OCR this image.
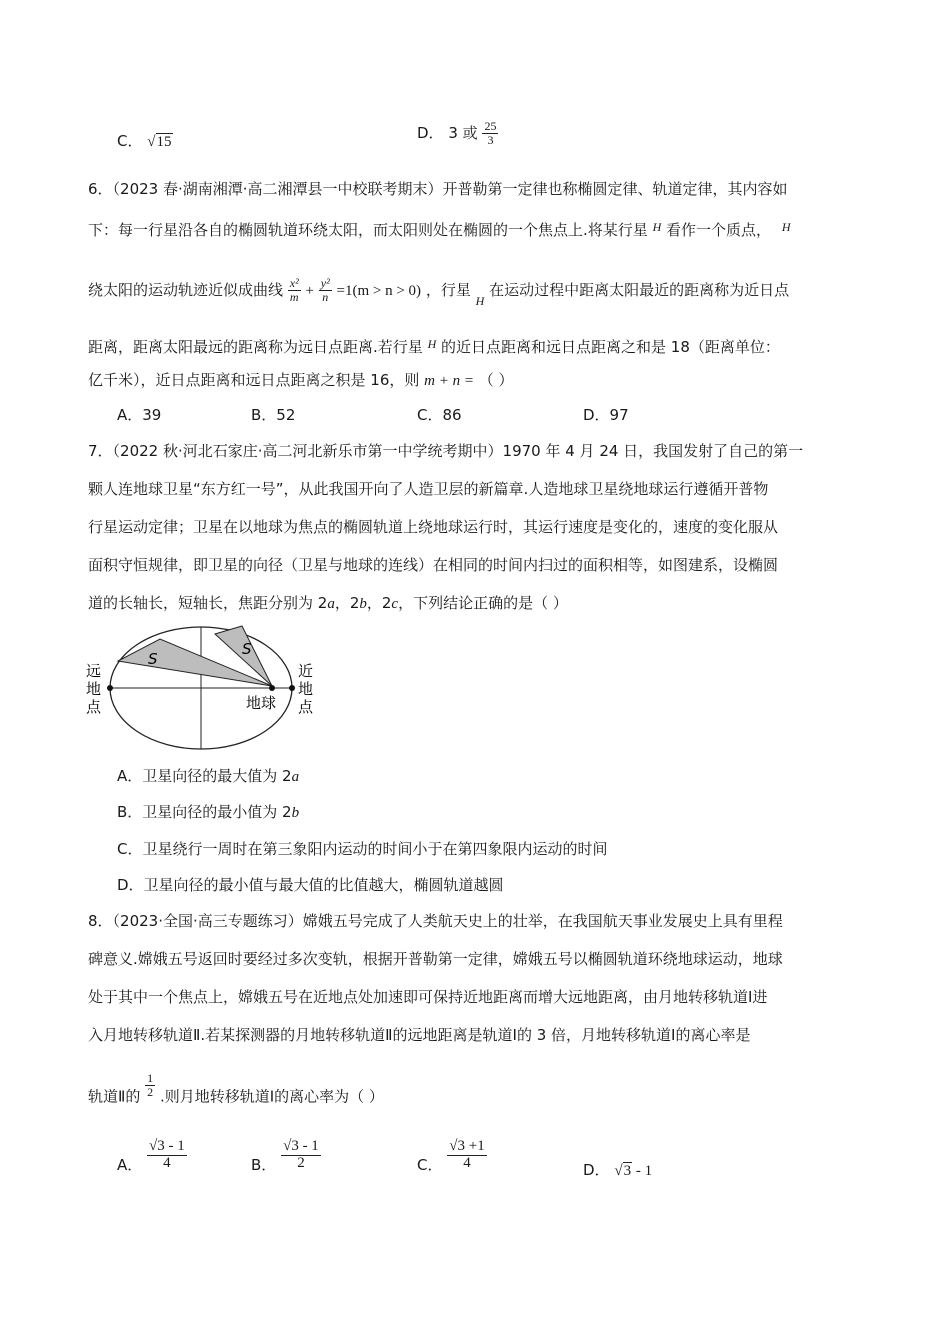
C． √15	D． 3 或 $\frac{25}{3}$
6．（2023 春·湖南湘潭·高二湘潭县一中校联考期末）开普勒第一定律也称椭圆定律、轨道定律，其内容如
下：每一行星沿各自的椭圆轨道环绕太阳，而太阳则处在椭圆的一个焦点上.将某行星 $^H$ 看作一个质点， $^H$
绕太阳的运动轨迹近似成曲线 $\frac{\text{x²}}{m} + \frac{\text{y²}}{n} =1(m > n > 0)$ ，行星 $_H$ 在运动过程中距离太阳最近的距离称为近日点
距离，距离太阳最远的距离称为远日点距离.若行星 $^H$ 的近日点距离和远日点距离之和是 18（距离单位：
亿千米），近日点距离和远日点距离之积是 16，则 m + n = （ ）
A．39	B．52	C．86	D．97
7．（2022 秋·河北石家庄·高二河北新乐市第一中学统考期中）1970 年 4 月 24 日，我国发射了自己的第一
颗人连地球卫星“东方红一号”，从此我国开向了人造卫层的新篇章.人造地球卫星绕地球运行遵循开普物
行星运动定律；卫星在以地球为焦点的椭圆轨道上绕地球运行时，其运行速度是变化的，速度的变化服从
面积守恒规律，即卫星的向径（卫星与地球的连线）在相同的时间内扫过的面积相等，如图建系，设椭圆
道的长轴长，短轴长，焦距分别为 2a，2b，2c，下列结论正确的是（ ）
S
S
远
地
点
近
地
点
地球
A．卫星向径的最大值为 2a
B．卫星向径的最小值为 2b
C．卫星绕行一周时在第三象阳内运动的时间小于在第四象限内运动的时间
D．卫星向径的最小值与最大值的比值越大，椭圆轨道越圆
8．（2023·全国·高三专题练习）嫦娥五号完成了人类航天史上的壮举，在我国航天事业发展史上具有里程
碑意义.嫦娥五号返回时要经过多次变轨，根据开普勒第一定律，嫦娥五号以椭圆轨道环绕地球运动，地球
处于其中一个焦点上，嫦娥五号在近地点处加速即可保持近地距离而增大远地距离，由月地转移轨道Ⅰ进
入月地转移轨道Ⅱ.若某探测器的月地转移轨道Ⅱ的远地距离是轨道Ⅰ的 3 倍，月地转移轨道Ⅰ的离心率是
轨道Ⅱ的 $\frac{1}{2}$ .则月地转移轨道Ⅰ的离心率为（ ）
A． $\frac{√3 - 1}{4}$	B． $\frac{√3 - 1}{2}$	C． $\frac{√3 +1}{4}$	D． √3 - 1
